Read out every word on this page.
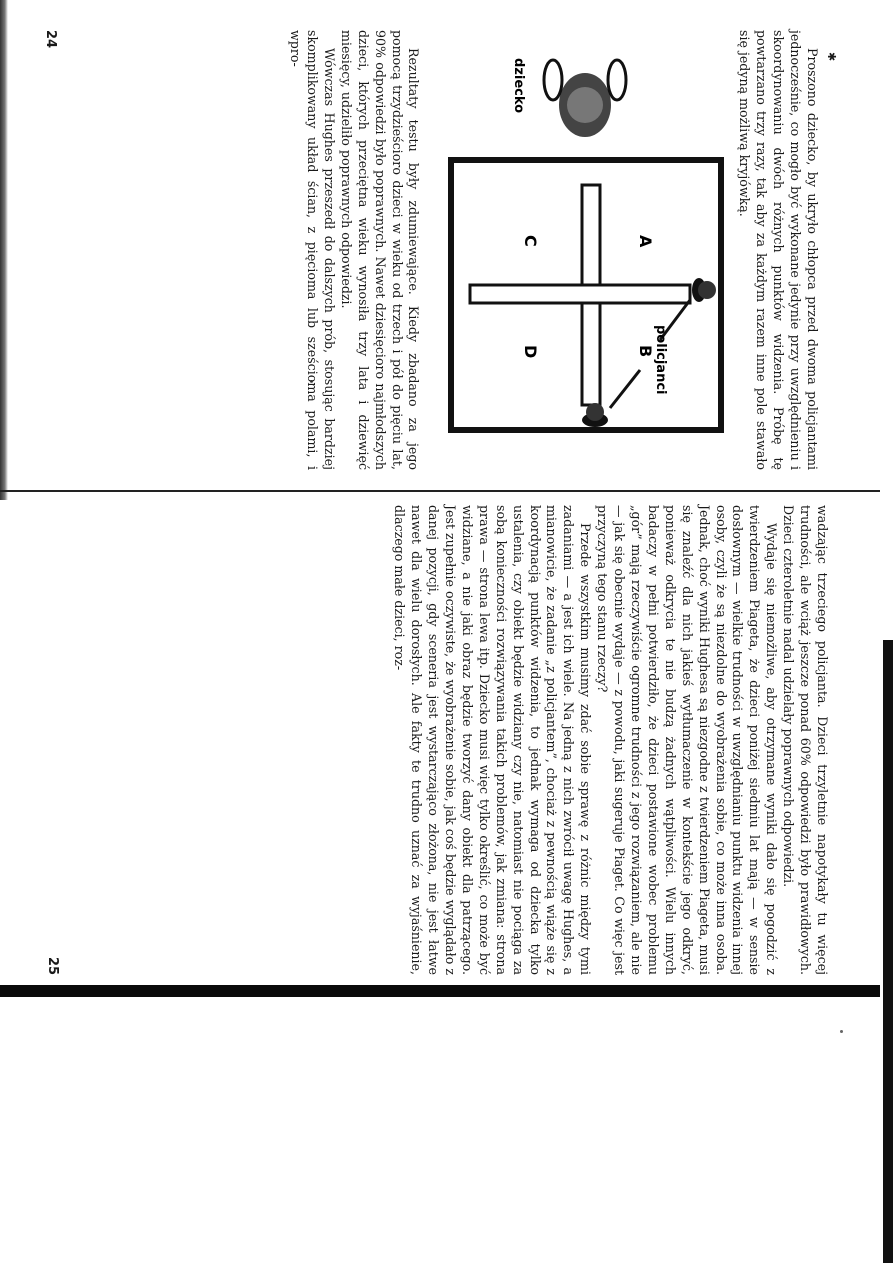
✱

Proszono dziecko, by ukryło chłopca przed dwoma policjantami jednocześnie, co mogło być wykonane jedynie przy uwzględnieniu i skoordynowaniu dwóch różnych punktów widzenia. Próbę tę powtarzano trzy razy, tak aby za każdym razem inne pole stawało się jedyną możliwą kryjówką.

A
B
C
D	policjanci
dziecko

Rezultaty testu były zdumiewające. Kiedy zbadano za jego pomocą trzydzieścioro dzieci w wieku od trzech i pół do pięciu lat, 90% odpowiedzi było poprawnych. Nawet dziesięcioro najmłodszych dzieci, których przeciętna wieku wynosiła trzy lata i dziewięć miesięcy, udzieliło poprawnych odpowiedzi.

Wówczas Hughes przeszedł do dalszych prób, stosując bardziej skomplikowany układ ścian, z pięcioma lub sześcioma polami, i wpro-

24

wadzając trzeciego policjanta. Dzieci trzyletnie napotykały tu więcej trudności, ale wciąż jeszcze ponad 60% odpowiedzi było prawidłowych. Dzieci czteroletnie nadal udzielały poprawnych odpowiedzi.

Wydaje się niemożliwe, aby otrzymane wyniki dało się pogodzić z twierdzeniem Piageta, że dzieci poniżej siedmiu lat mają — w sensie dosłownym — wielkie trudności w uwzględnianiu punktu widzenia innej osoby, czyli że są niezdolne do wyobrażenia sobie, co może inna osoba. Jednak, choć wyniki Hughesa są niezgodne z twierdzeniem Piageta, musi się znaleźć dla nich jakieś wytłumaczenie w kontekście jego odkryć, ponieważ odkrycia te nie budzą żadnych wątpliwości. Wielu innych badaczy w pełni potwierdziło, że dzieci postawione wobec problemu „gór” mają rzeczywiście ogromne trudności z jego rozwiązaniem, ale nie — jak się obecnie wydaje — z powodu, jaki sugeruje Piaget. Co więc jest przyczyną tego stanu rzeczy?

Przede wszystkim musimy zdać sobie sprawę z różnic między tymi zadaniami — a jest ich wiele. Na jedną z nich zwrócił uwagę Hughes, a mianowicie, że zadanie „z policjantem”, chociaż z pewnością wiąże się z koordynacją punktów widzenia, to jednak wymaga od dziecka tylko ustalenia, czy obiekt będzie widziany czy nie, natomiast nie pociąga za sobą konieczności rozwiązywania takich problemów, jak zmiana: strona prawa — strona lewa itp. Dziecko musi więc tylko określić, co może być widziane, a nie jaki obraz będzie tworzyć dany obiekt dla patrzącego. Jest zupełnie oczywiste, że wyobrażenie sobie, jak coś będzie wyglądało z danej pozycji, gdy sceneria jest wystarczająco złożona, nie jest łatwe nawet dla wielu dorosłych. Ale fakty te trudno uznać za wyjaśnienie, dlaczego małe dzieci, roz-

25
